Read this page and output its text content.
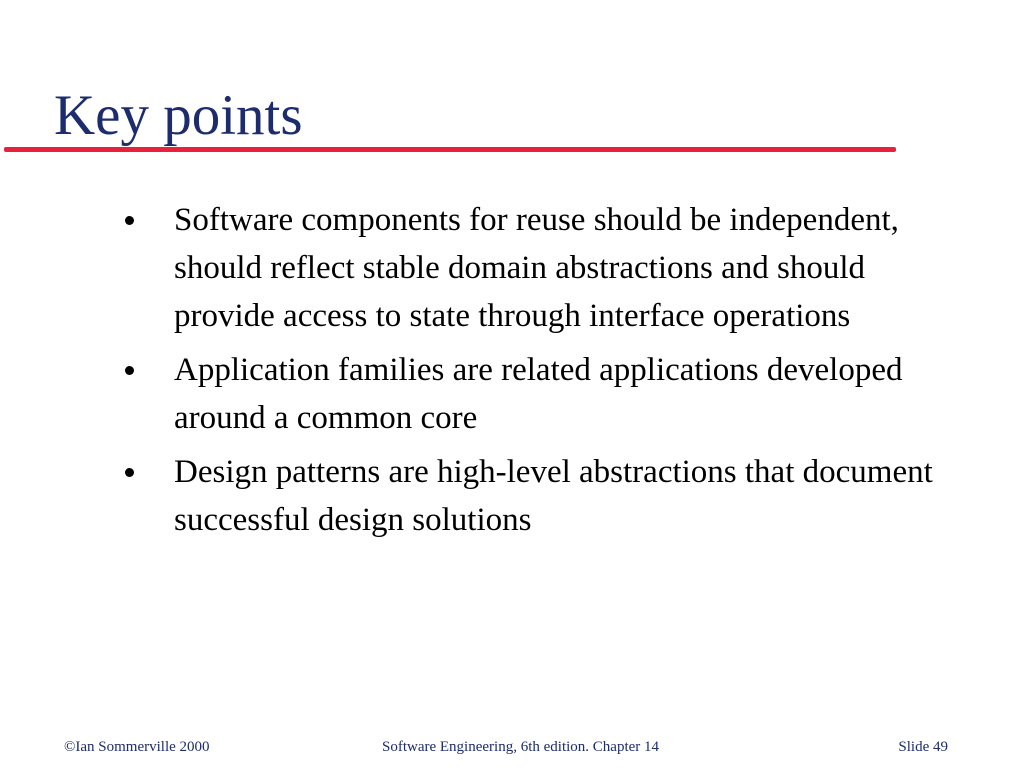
Key points
Software components for reuse should be independent, should reflect stable domain abstractions and should provide access to state through interface operations
Application families are related applications developed around a common core
Design patterns are high-level abstractions that document successful design solutions
©Ian Sommerville 2000	Software Engineering, 6th edition. Chapter 14	Slide 49
